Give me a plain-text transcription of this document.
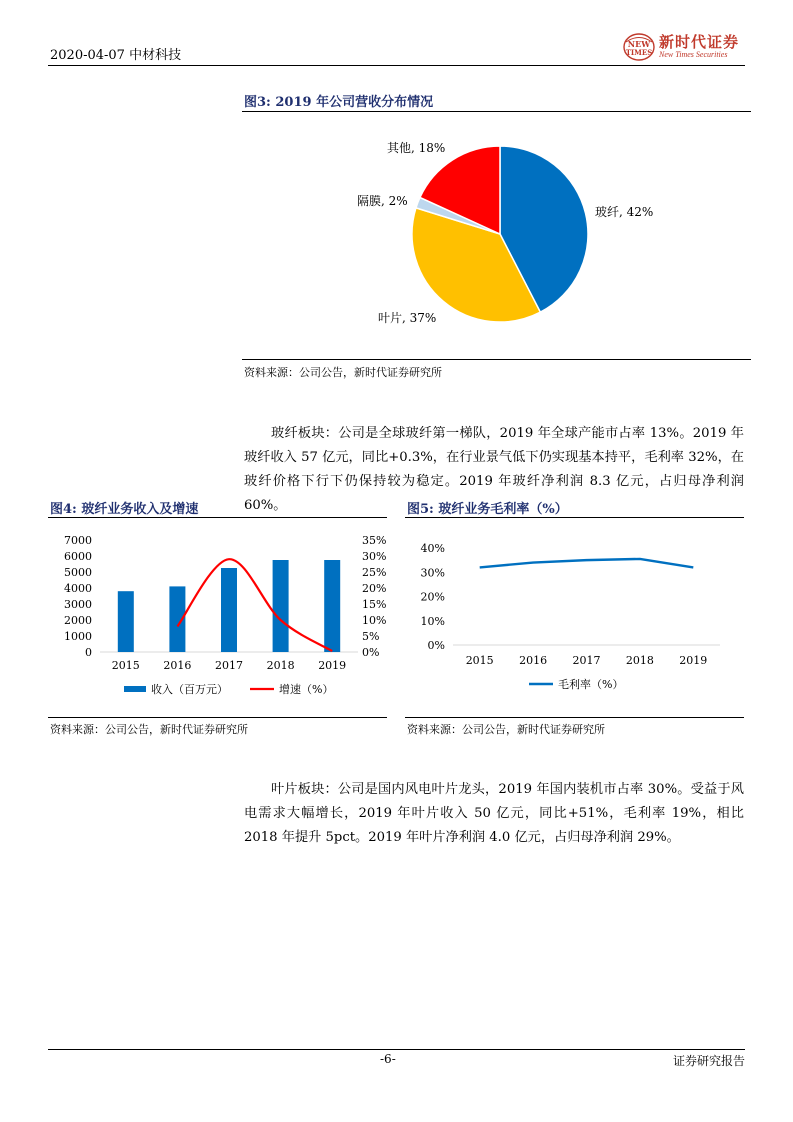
2020-04-07 中材科技
NEW
TIMES
新时代证券
New Times Securities
图3: 2019 年公司营收分布情况
玻纤, 42%
叶片, 37%
隔膜, 2%
其他, 18%
资料来源：公司公告，新时代证券研究所
玻纤板块：公司是全球玻纤第一梯队，2019 年全球产能市占率 13%。2019 年玻纤收入 57 亿元，同比+0.3%，在行业景气低下仍实现基本持平，毛利率 32%，在玻纤价格下行下仍保持较为稳定。2019 年玻纤净利润 8.3 亿元，占归母净利润 60%。
图4: 玻纤业务收入及增速
7000
6000
5000
4000
3000
2000
1000
0
35%
30%
25%
20%
15%
10%
5%
0%
2015 2016 2017 2018 2019
收入（百万元）	增速（%）
资料来源：公司公告，新时代证券研究所
图5: 玻纤业务毛利率（%）
40%
30%
20%
10%
0%
2015 2016 2017 2018 2019
毛利率（%）
资料来源：公司公告，新时代证券研究所
叶片板块：公司是国内风电叶片龙头，2019 年国内装机市占率 30%。受益于风电需求大幅增长，2019 年叶片收入 50 亿元，同比+51%，毛利率 19%，相比 2018 年提升 5pct。2019 年叶片净利润 4.0 亿元，占归母净利润 29%。
-6-	证券研究报告
